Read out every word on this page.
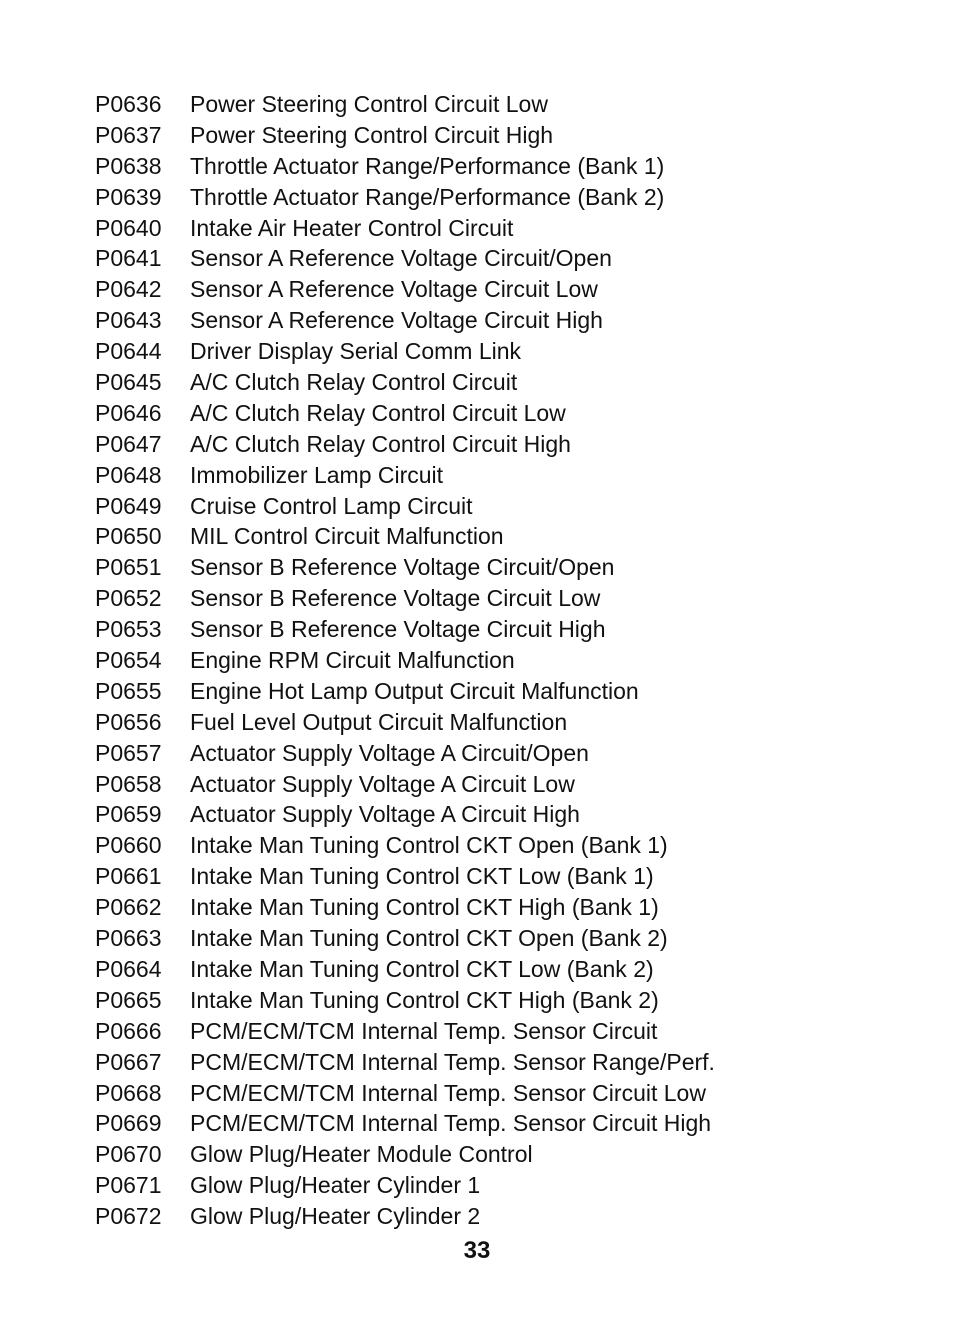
P0636	Power Steering Control Circuit Low
P0637	Power Steering Control Circuit High
P0638	Throttle Actuator Range/Performance (Bank 1)
P0639	Throttle Actuator Range/Performance (Bank 2)
P0640	Intake Air Heater Control Circuit
P0641	Sensor A Reference Voltage Circuit/Open
P0642	Sensor A Reference Voltage Circuit Low
P0643	Sensor A Reference Voltage Circuit High
P0644	Driver Display Serial Comm Link
P0645	A/C Clutch Relay Control Circuit
P0646	A/C Clutch Relay Control Circuit Low
P0647	A/C Clutch Relay Control Circuit High
P0648	Immobilizer Lamp Circuit
P0649	Cruise Control Lamp Circuit
P0650	MIL Control Circuit Malfunction
P0651	Sensor B Reference Voltage Circuit/Open
P0652	Sensor B Reference Voltage Circuit Low
P0653	Sensor B Reference Voltage Circuit High
P0654	Engine RPM Circuit Malfunction
P0655	Engine Hot Lamp Output Circuit Malfunction
P0656	Fuel Level Output Circuit Malfunction
P0657	Actuator Supply Voltage A Circuit/Open
P0658	Actuator Supply Voltage A Circuit Low
P0659	Actuator Supply Voltage A Circuit High
P0660	Intake Man Tuning Control CKT Open (Bank 1)
P0661	Intake Man Tuning Control CKT Low (Bank 1)
P0662	Intake Man Tuning Control CKT High (Bank 1)
P0663	Intake Man Tuning Control CKT Open (Bank 2)
P0664	Intake Man Tuning Control CKT Low (Bank 2)
P0665	Intake Man Tuning Control CKT High (Bank 2)
P0666	PCM/ECM/TCM Internal Temp. Sensor Circuit
P0667	PCM/ECM/TCM Internal Temp. Sensor Range/Perf.
P0668	PCM/ECM/TCM Internal Temp. Sensor Circuit Low
P0669	PCM/ECM/TCM Internal Temp. Sensor Circuit High
P0670	Glow Plug/Heater Module Control
P0671	Glow Plug/Heater Cylinder 1
P0672	Glow Plug/Heater Cylinder 2
33
